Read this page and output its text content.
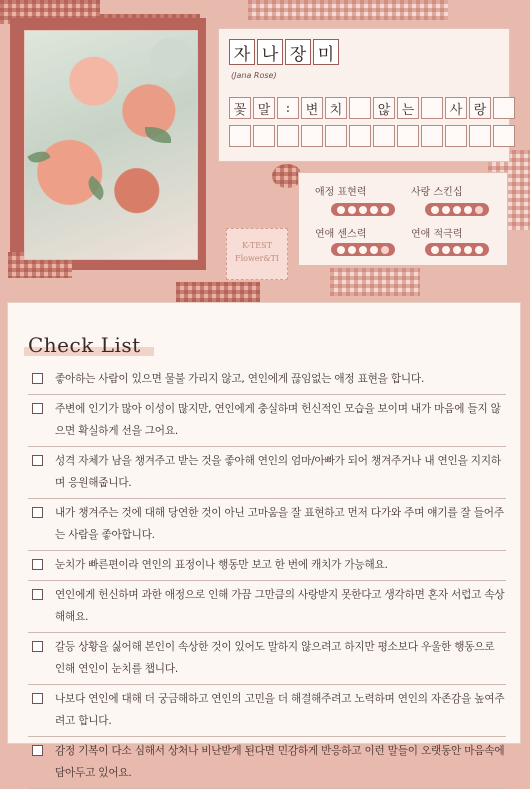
자 나 장 미
(Jana Rose)
꽃 말	:	변 치	않 는	사 랑
애정 표현력	사랑 스킨십
연애 센스력	연애 적극력
K-TEST
Flower&TI
Check List
좋아하는 사람이 있으면 물불 가리지 않고, 연인에게 끊임없는 애정 표현을 합니다.
주변에 인기가 많아 이성이 많지만, 연인에게 충실하며 헌신적인 모습을 보이며 내가 마음에 들지 않으면 확실하게 선을 그어요.
성격 자체가 남을 챙겨주고 받는 것을 좋아해 연인의 엄마/아빠가 되어 챙겨주거나 내 연인을 지지하며 응원해줍니다.
내가 챙겨주는 것에 대해 당연한 것이 아닌 고마움을 잘 표현하고 먼저 다가와 주며 얘기를 잘 들어주는 사람을 좋아합니다.
눈치가 빠른편이라 연인의 표정이나 행동만 보고 한 번에 캐치가 가능해요.
연인에게 헌신하며 과한 애정으로 인해 가끔 그만큼의 사랑받지 못한다고 생각하면 혼자 서럽고 속상해해요.
갈등 상황을 싫어해 본인이 속상한 것이 있어도 말하지 않으려고 하지만 평소보다 우울한 행동으로 인해 연인이 눈치를 챕니다.
나보다 연인에 대해 더 궁금해하고 연인의 고민을 더 해결해주려고 노력하며 연인의 자존감을 높여주려고 합니다.
감정 기복이 다소 심해서 상처나 비난받게 된다면 민감하게 반응하고 이런 말들이 오랫동안 마음속에 담아두고 있어요.
